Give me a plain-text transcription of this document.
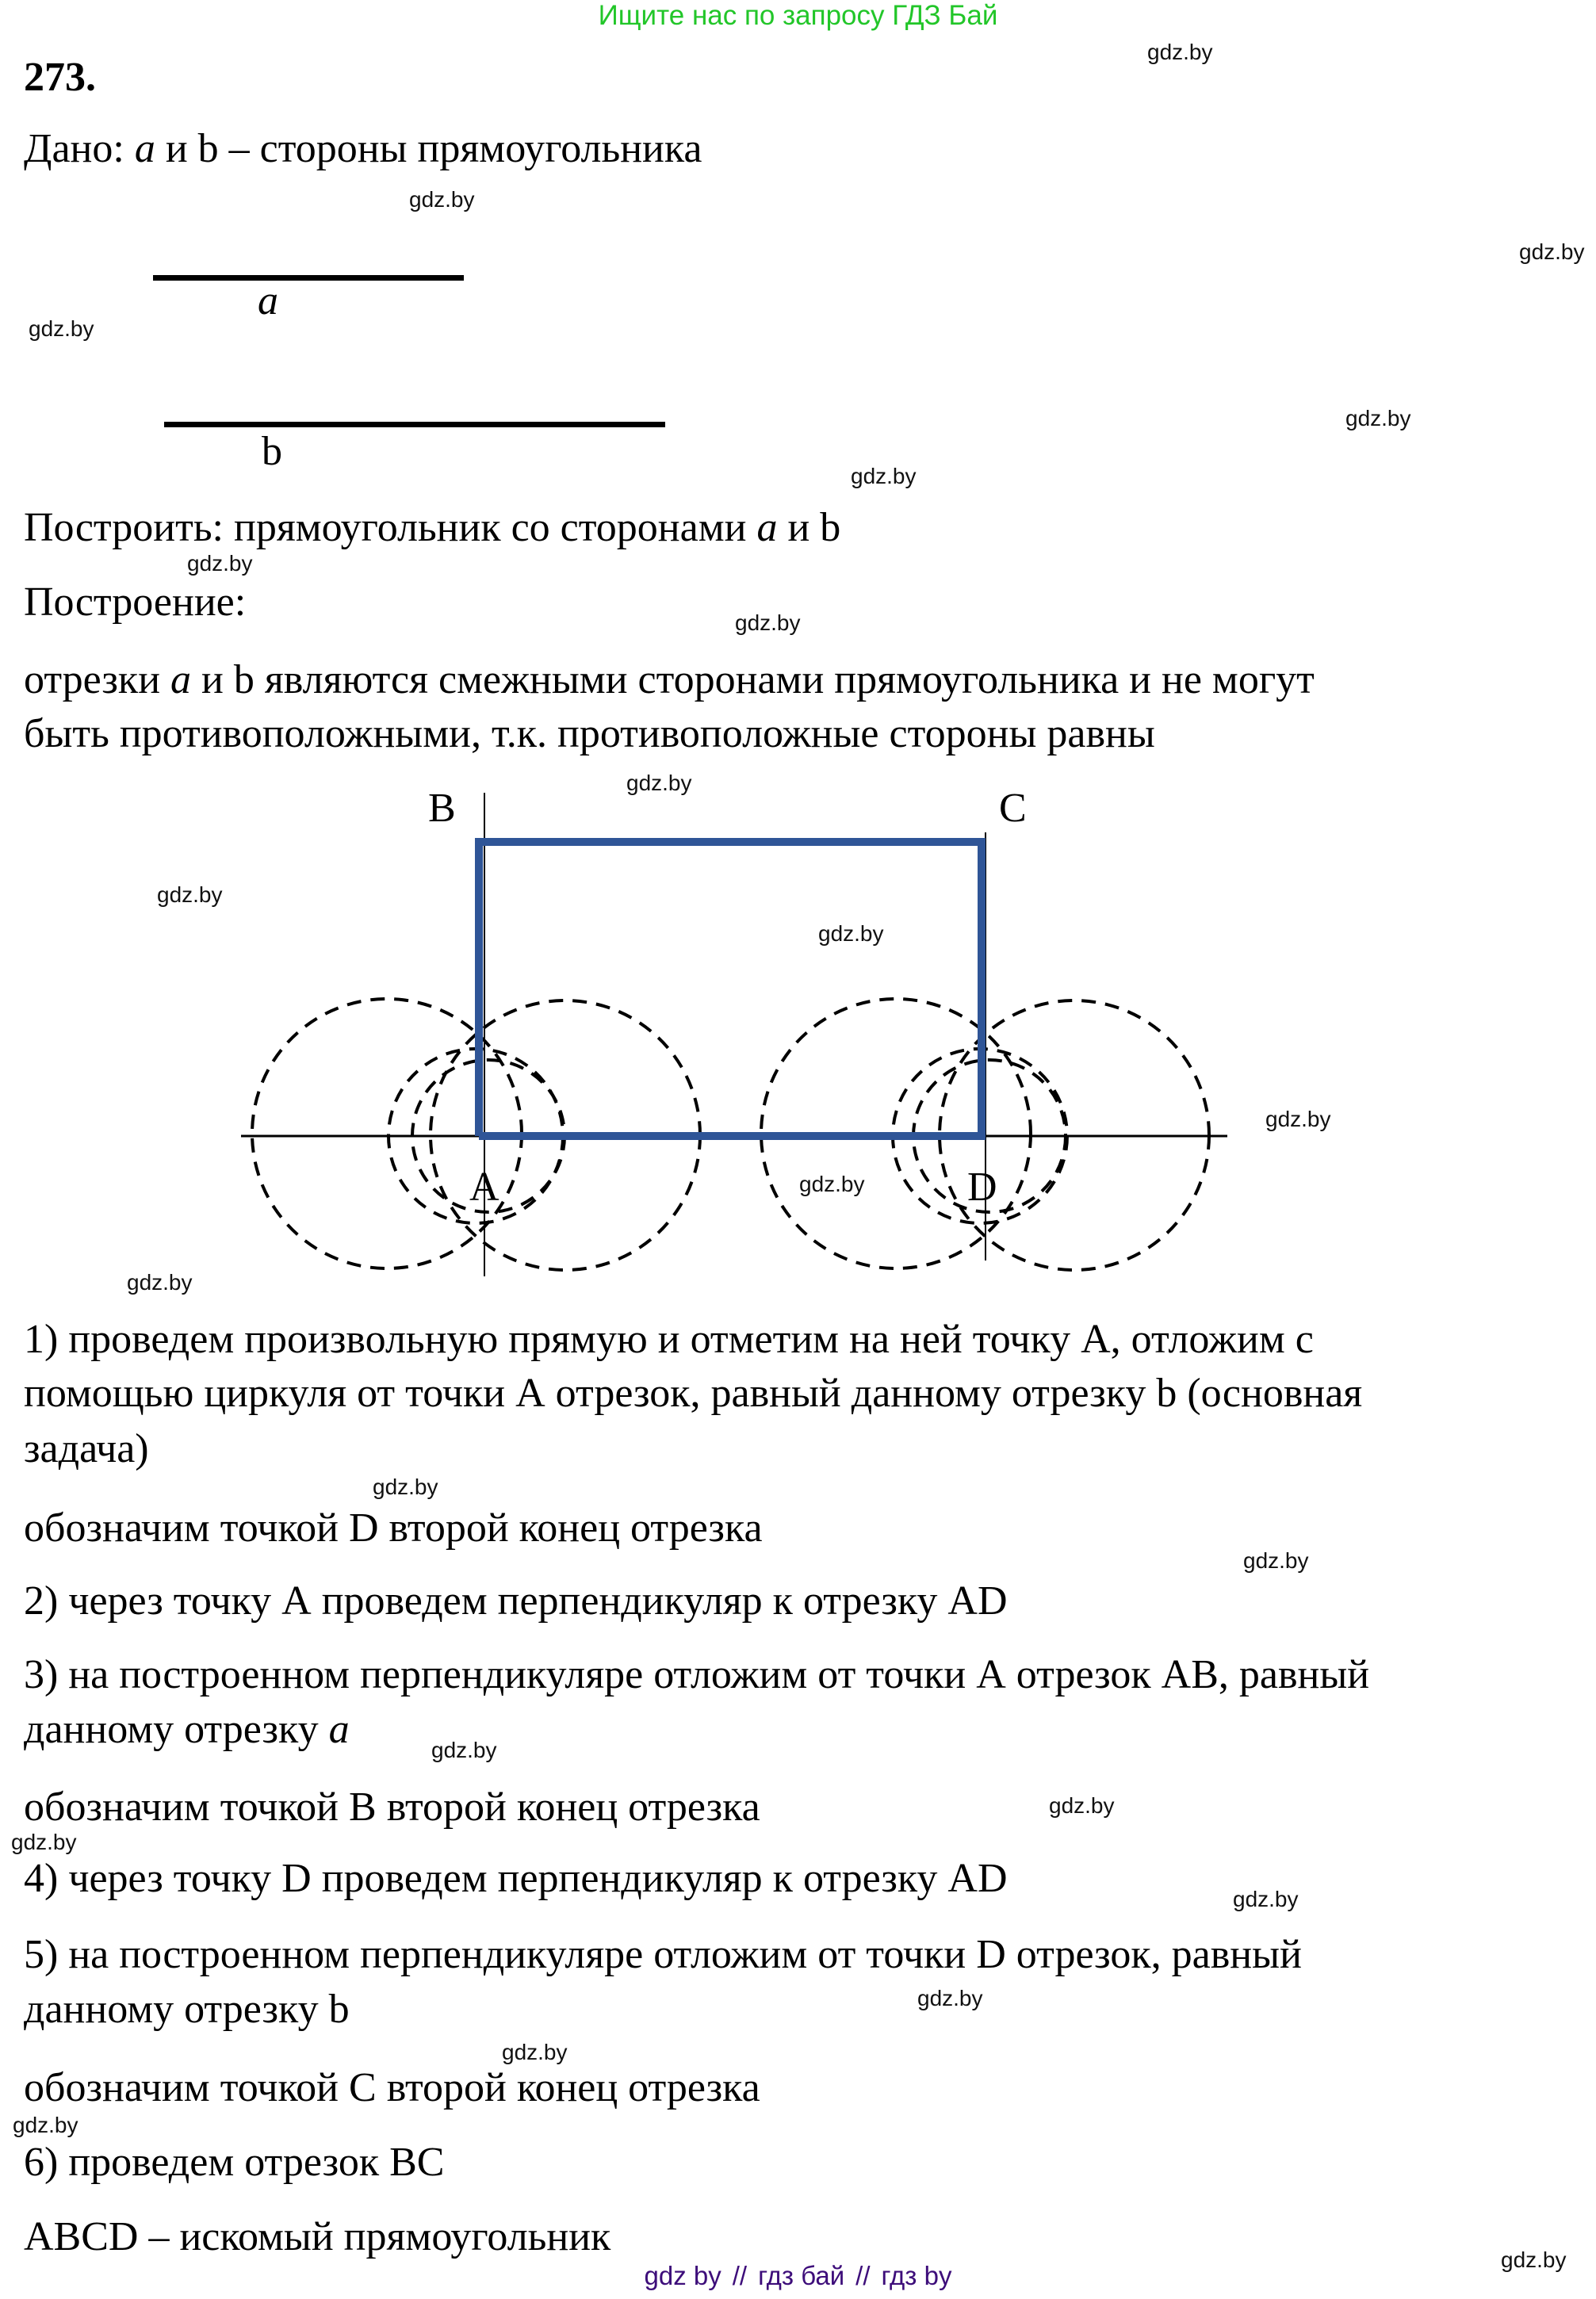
Ищите нас по запросу ГДЗ Бай
273.
Дано: a и b – стороны прямоугольника
a
b
Построить: прямоугольник со сторонами a и b
Построение:
отрезки a и b являются смежными сторонами прямоугольника и не могут
быть противоположными, т.к. противоположные стороны равны
B	C
A	D
1) проведем произвольную прямую и отметим на ней точку А, отложим с
помощью циркуля от точки А отрезок, равный данному отрезку b (основная
задача)
обозначим точкой D второй конец отрезка
2) через точку А проведем перпендикуляр к отрезку AD
3) на построенном перпендикуляре отложим от точки А отрезок АВ, равный
данному отрезку a
обозначим точкой В второй конец отрезка
4) через точку D проведем перпендикуляр к отрезку AD
5) на построенном перпендикуляре отложим от точки D отрезок, равный
данному отрезку b
обозначим точкой С второй конец отрезка
6) проведем отрезок ВС
ABCD – искомый прямоугольник
gdz.by
gdz.by
gdz.by
gdz.by
gdz.by
gdz.by
gdz.by
gdz.by
gdz.by
gdz.by
gdz.by
gdz.by
gdz.by
gdz.by
gdz.by
gdz.by
gdz.by
gdz.by
gdz.by
gdz.by
gdz.by
gdz.by
gdz.by
gdz.by
gdz by // гдз бай // гдз by
